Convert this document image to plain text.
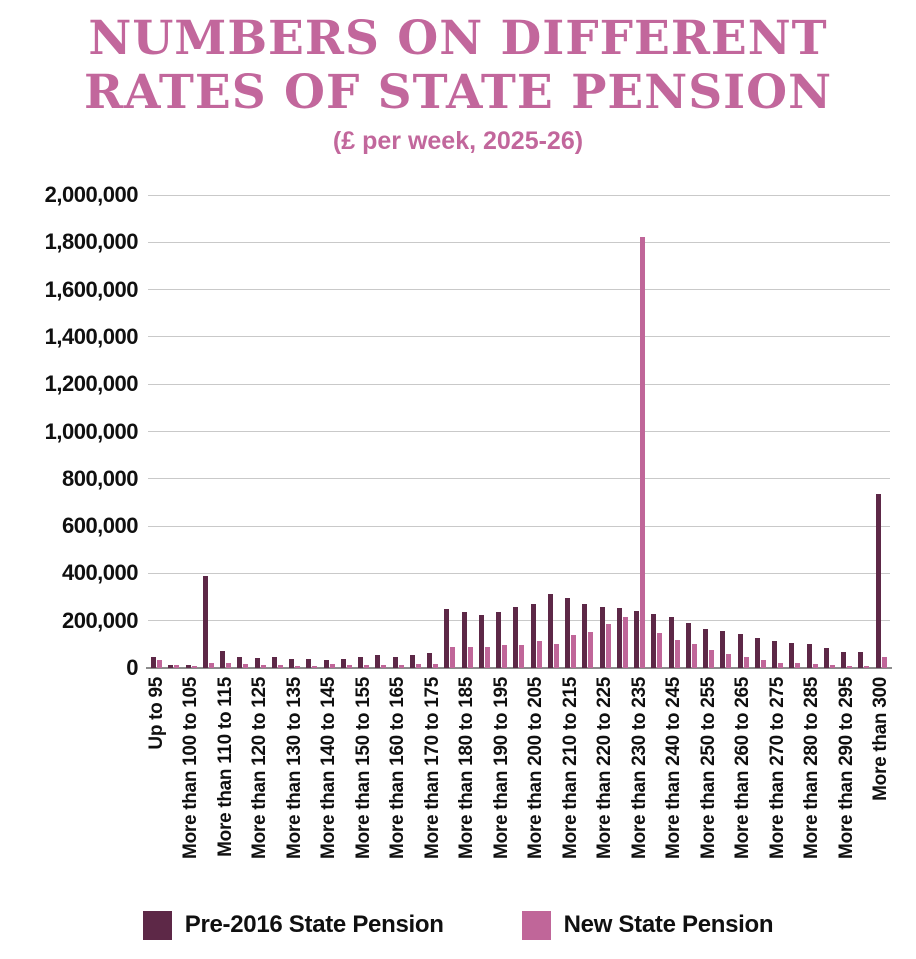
NUMBERS ON DIFFERENT
RATES OF STATE PENSION
(£ per week, 2025-26)
0
200,000
400,000
600,000
800,000
1,000,000
1,200,000
1,400,000
1,600,000
1,800,000
2,000,000
Up to 95 More than 100 to 105 More than 110 to 115 More than 120 to 125 More than 130 to 135 More than 140 to 145 More than 150 to 155 More than 160 to 165 More than 170 to 175 More than 180 to 185 More than 190 to 195 More than 200 to 205 More than 210 to 215 More than 220 to 225 More than 230 to 235 More than 240 to 245 More than 250 to 255 More than 260 to 265 More than 270 to 275 More than 280 to 285 More than 290 to 295 More than 300
Pre-2016 State Pension	New State Pension
